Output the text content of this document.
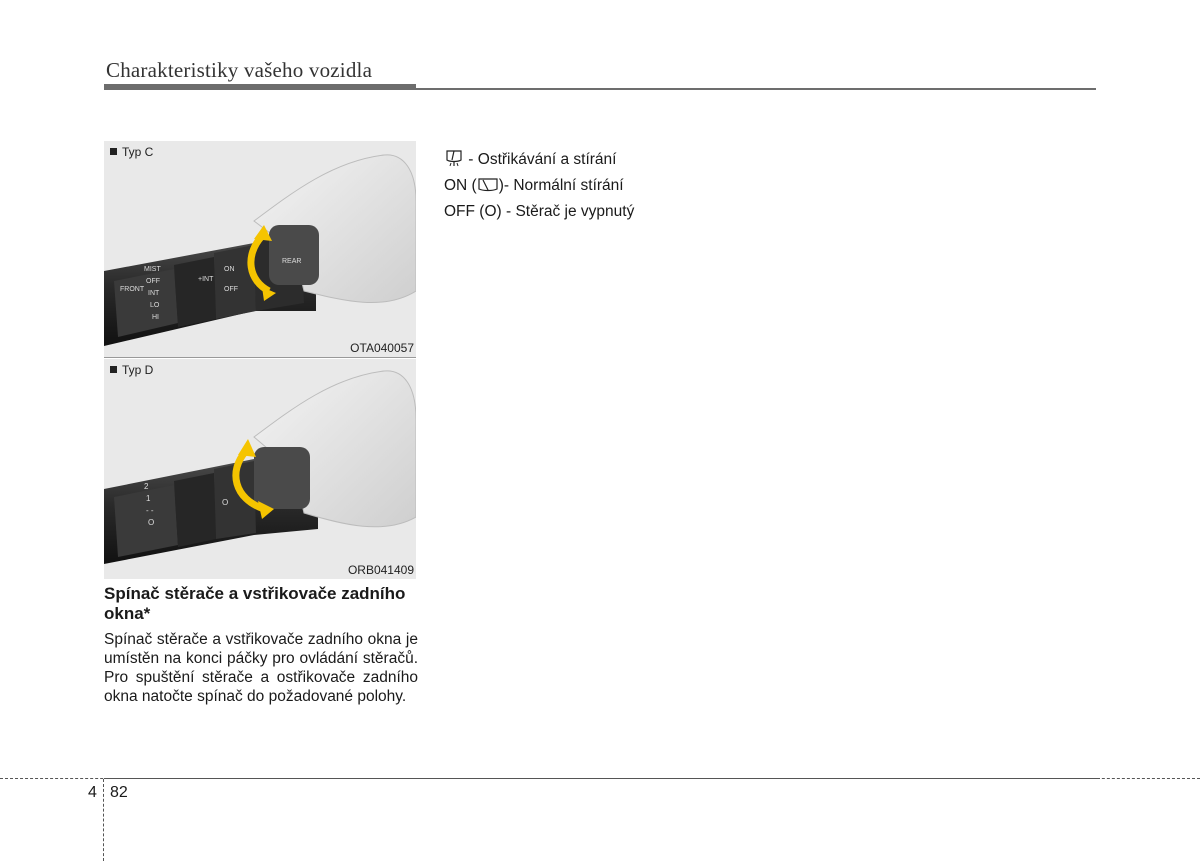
Charakteristiky vašeho vozidla
MIST
OFF
INT
LO
HI
FRONT
+INT
ON
OFF
REAR
Typ C
OTA040057
2
1
- -
O
O
Typ D
ORB041409
Spínač stěrače a vstřikovače zadního okna*
Spínač stěrače a vstřikovače zadního okna je umístěn na konci páčky pro ovládání stěračů. Pro spuštění stěrače a ostřikovače zadního okna natočte spínač do požadované polohy.
- Ostřikávání a stírání
ON ( )- Normální stírání
OFF (O) - Stěrač je vypnutý
4 82
